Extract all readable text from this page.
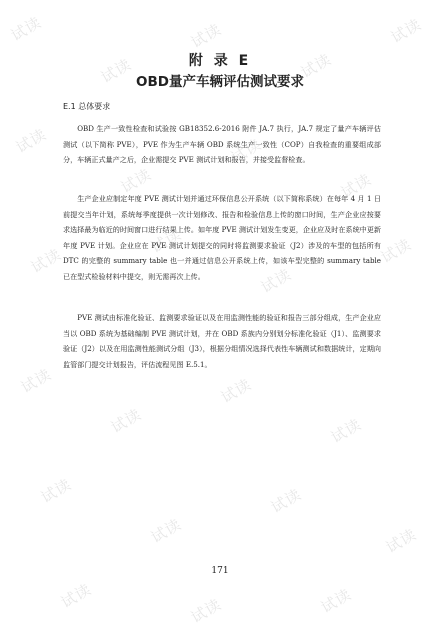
试读
试读
试读
试读
试读
试读
试读
试读
试读
试读
试读
试读
试读
试读
试读
试读
试读
试读
试读
试读
试读
试读	试读	试读
附 录 E
OBD量产车辆评估测试要求
E.1 总体要求

OBD 生产一致性检查和试验按 GB18352.6-2016 附件 JA.7 执行，JA.7 规定了量产车辆评估测试（以下简称 PVE），PVE 作为生产车辆 OBD 系统生产一致性（COP）自我检查的重要组成部分，车辆正式量产之后，企业需提交 PVE 测试计划和报告，并接受监督检查。

生产企业应制定年度 PVE 测试计划并通过环保信息公开系统（以下简称系统）在每年 4 月 1 日前提交当年计划，系统每季度提供一次计划修改、报告和检验信息上传的窗口时间，生产企业应按要求选择最为临近的时间窗口进行结果上传。如年度 PVE 测试计划发生变更，企业应及时在系统中更新年度 PVE 计划。企业应在 PVE 测试计划提交的同时将监测要求验证（J2）涉及的车型的包括所有 DTC 的完整的 summary table 也一并通过信息公开系统上传，如该车型完整的 summary table 已在型式检验材料中提交，则无需再次上传。

PVE 测试由标准化验证、监测要求验证以及在用监测性能的验证和报告三部分组成，生产企业应当以 OBD 系统为基础编制 PVE 测试计划，并在 OBD 系族内分别划分标准化验证（J1）、监测要求验证（J2）以及在用监测性能测试分组（J3），根据分组情况选择代表性车辆测试和数据统计，定期向监管部门提交计划报告，评估流程见图 E.5.1。

171
